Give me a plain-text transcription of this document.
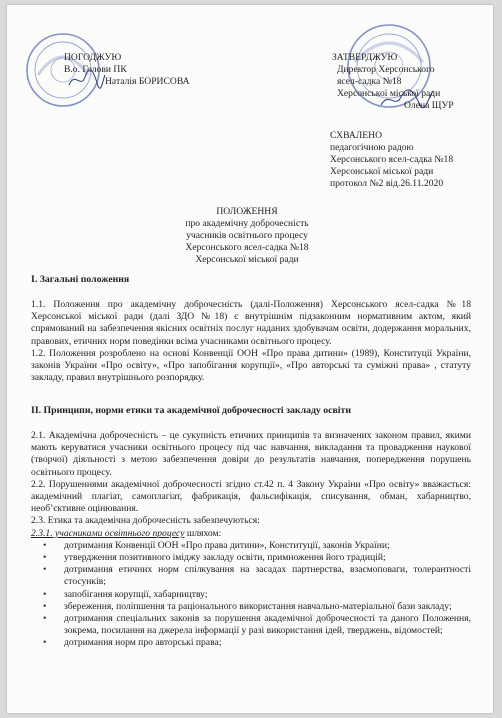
ПОГОДЖУЮ
В.о. Голови ПК
Наталія БОРИСОВА
ЗАТВЕРДЖУЮ
Директор Херсонського
ясел-садка №18
Херсонської міської ради
Олена ЩУР
СХВАЛЕНО
педагогічною радою
Херсонського ясел-садка №18
Херсонської міської ради
протокол №2 від.26.11.2020
ПОЛОЖЕННЯ
про академічну доброчесність
учасників освітнього процесу
Херсонського ясел-садка №18
Херсонської міської ради
I. Загальні положення

1.1. Положення про академічну доброчесність (далі-Положення) Херсонського ясел-садка №18 Херсонської міської ради (далі ЗДО №18) є внутрішнім підзаконним нормативним актом, який спрямований на забезпечення якісних освітніх послуг наданих здобувачам освіти, додержання моральних, правових, етичних норм поведінки всіма учасниками освітнього процесу.

1.2. Положення розроблено на основі Конвенції ООН «Про права дитини» (1989), Конституції України, законів України «Про освіту», «Про запобігання корупції», «Про авторські та суміжні права» , статуту закладу, правил внутрішнього розпорядку.

II. Принципи, норми етики та академічної доброчесності закладу освіти

2.1. Академічна доброчесність – це сукупність етичних принципів та визначених законом правил, якими мають керуватися учасники освітнього процесу під час навчання, викладання та провадження наукової (творчої) діяльності з метою забезпечення довіри до результатів навчання, попередження порушень освітнього процесу.

2.2. Порушеннями академічної доброчесності згідно ст.42 п. 4 Закону України «Про освіту» вважається: академічний плагіат, самоплагіат, фабрикація, фальсифікація, списування, обман, хабарництво, необ’єктивне оцінювання.

2.3. Етика та академічна доброчесність забезпечуються:

2.3.1. учасниками освітнього процесу шляхом:

• дотримання Конвенції ООН «Про права дитини», Конституції, законів України;
• утвердження позитивного іміджу закладу освіти, примноження його традицій;
• дотримання етичних норм спілкування на засадах партнерства, взаємоповаги, толерантності стосунків;
• запобігання корупції, хабарництву;
• збереження, поліпшення та раціонального використання навчально-матеріальної бази закладу;
• дотримання спеціальних законів за порушення академічної доброчесності та даного Положення, зокрема, посилання на джерела інформації у разі використання ідей, тверджень, відомостей;
• дотримання норм про авторські права;
